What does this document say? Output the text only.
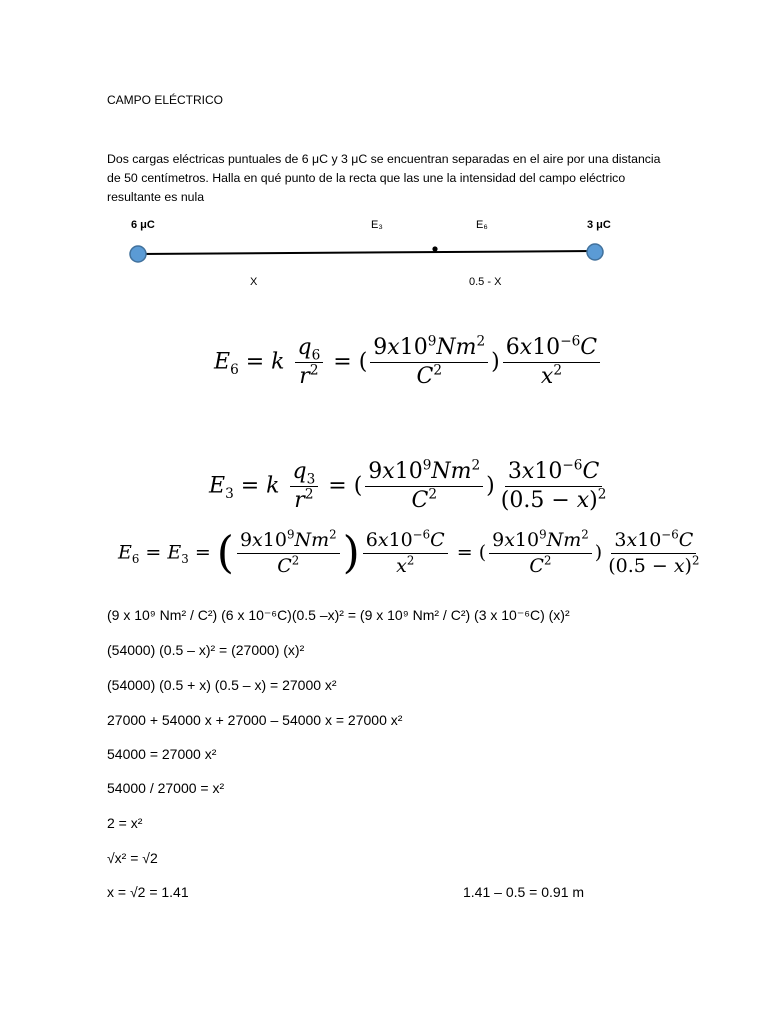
CAMPO ELÉCTRICO
Dos cargas eléctricas puntuales de 6 μC y 3 μC se encuentran separadas en el aire por una distancia de 50 centímetros. Halla en qué punto de la recta que las une la intensidad del campo eléctrico resultante es nula
6 μC	3 μC
E₃	E₆
X	0.5 - X
$E_6 = k \frac{q_6}{r^2}$ = ( $\frac{9x10^9Nm^2}{C^2}$ ) $\frac{6x10^{-6}C}{x^2}$
$E_3 = k \frac{q_3}{r^2}$ = ( $\frac{9x10^9Nm^2}{C^2}$ ) $\frac{3x10^{-6}C}{(0.5 - x)^2}$
$E_6 = E_3$ = ( $\frac{9x10^9Nm^2}{C^2}$ ) $\frac{6x10^{-6}C}{x^2}$ = ( $\frac{9x10^9Nm^2}{C^2}$ ) $\frac{3x10^{-6}C}{(0.5 - x)^2}$
(9 x 10⁹ Nm² / C²) (6 x 10⁻⁶C)(0.5 –x)² = (9 x 10⁹ Nm² / C²) (3 x 10⁻⁶C) (x)²
(54000) (0.5 – x)² = (27000) (x)²
(54000) (0.5 + x) (0.5 – x) = 27000 x²
27000 + 54000 x + 27000 – 54000 x = 27000 x²
54000 = 27000 x²
54000 / 27000 = x²
2 = x²
√x² = √2
x = √2 = 1.41	1.41 – 0.5 = 0.91 m
